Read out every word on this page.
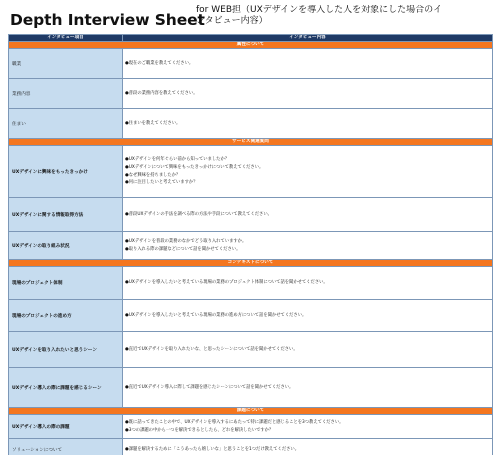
Depth Interview Sheet
for WEB担（UXデザインを導入した人を対象にした場合のイ
ンタビュー内容）
インタビュー項目	インタビュー内容
属性について	
職業	●現在のご職業を教えてください。

業務内容	●普段の業務内容を教えてください。

住まい	●住まいを教えてください。

サービス関連質問	
UXデザインに興味をもったきっかけ	●UXデザインを何年ぐらい前から知っていましたか？
●UXデザインについて興味をもったきっかけについて教えてください。
●なぜ興味を持ちましたか？
●何に注目したいと考えていますか？

UXデザインに関する情報取得方法	●普段UXデザインの手法を調べる際の方法や手段について教えてください。

UXデザインの取り組み状況	●UXデザインを普段の業務のなかでどう取り入れていますか。
●取り入れる際の課題などについて話を聞かせてください。

コンテキストについて	
現場のプロジェクト体制	●UXデザインを導入したいと考えている現場の業務のプロジェクト体制について話を聞かせてください。

現場のプロジェクトの進め方	●UXデザインを導入したいと考えている現場の業務の進め方について話を聞かせてください。

UXデザインを取り入れたいと思うシーン	●直近でUXデザインを取り入れたいな、と思ったシーンについて話を聞かせてください。

UXデザイン導入の際に課題を感じるシーン	●直近でUXデザイン導入に際して課題を感じたシーンについて話を聞かせてください。

課題について	
UXデザイン導入の際の課題	●既に話ってきたことの中で、UXデザインを導入するにあたって特に課題だと感じることを3つ教えてください。
●3つの課題の中から一つを解決できるとしたら、どれを解決したいですか？

ソリューションについて	●課題を解決するために「こうあったら嬉しいな」と思うことを1つだけ教えてください。
